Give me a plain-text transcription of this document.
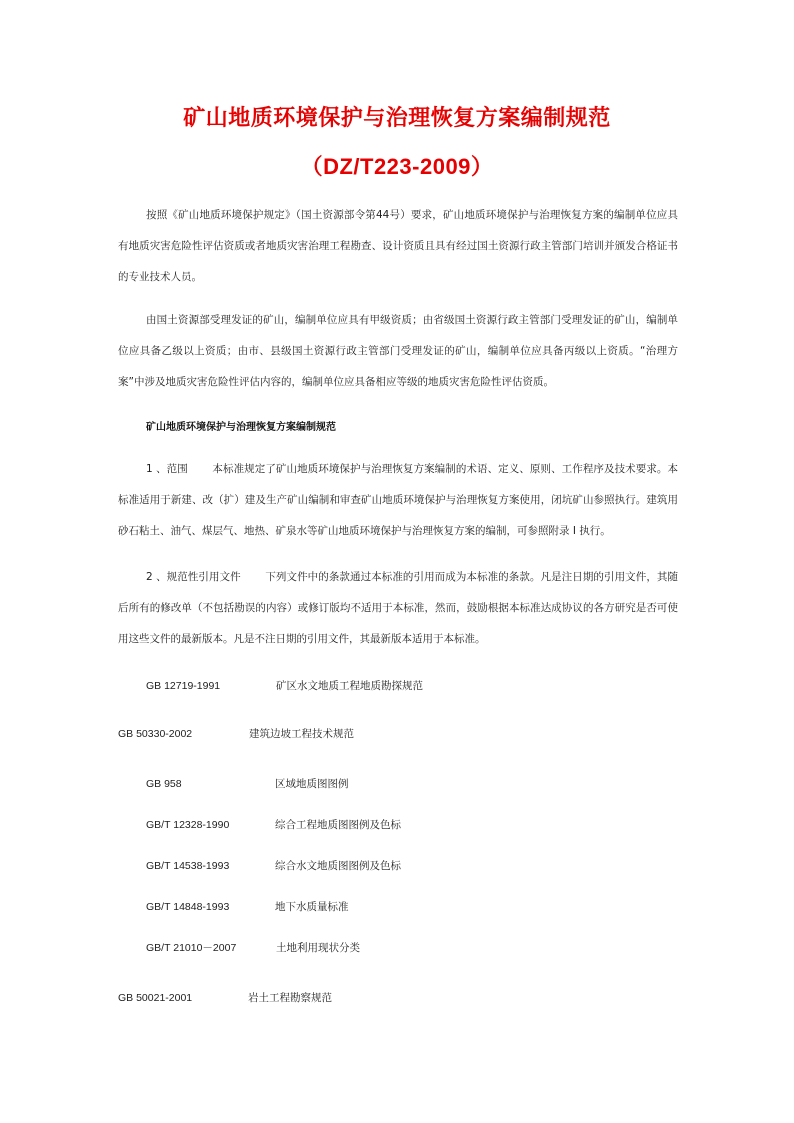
矿山地质环境保护与治理恢复方案编制规范
（DZ/T223-2009）

按照《矿山地质环境保护规定》（国土资源部令第44号）要求，矿山地质环境保护与治理恢复方案的编制单位应具有地质灾害危险性评估资质或者地质灾害治理工程勘查、设计资质且具有经过国土资源行政主管部门培训并颁发合格证书的专业技术人员。

由国土资源部受理发证的矿山，编制单位应具有甲级资质；由省级国土资源行政主管部门受理发证的矿山，编制单位应具备乙级以上资质；由市、县级国土资源行政主管部门受理发证的矿山，编制单位应具备丙级以上资质。“治理方案”中涉及地质灾害危险性评估内容的，编制单位应具备相应等级的地质灾害危险性评估资质。

矿山地质环境保护与治理恢复方案编制规范

1 、范围　　 本标准规定了矿山地质环境保护与治理恢复方案编制的术语、定义、原则、工作程序及技术要求。本标准适用于新建、改（扩）建及生产矿山编制和审查矿山地质环境保护与治理恢复方案使用，闭坑矿山参照执行。建筑用砂石粘土、油气、煤层气、地热、矿泉水等矿山地质环境保护与治理恢复方案的编制，可参照附录 I 执行。

2 、规范性引用文件　　 下列文件中的条款通过本标准的引用而成为本标准的条款。凡是注日期的引用文件，其随后所有的修改单（不包括勘误的内容）或修订版均不适用于本标准，然而，鼓励根据本标准达成协议的各方研究是否可使用这些文件的最新版本。凡是不注日期的引用文件，其最新版本适用于本标准。

GB 12719-1991	矿区水文地质工程地质勘探规范
GB 50330-2002	建筑边坡工程技术规范
GB 958	区域地质图图例
GB/T 12328-1990	综合工程地质图图例及色标
GB/T 14538-1993	综合水文地质图图例及色标
GB/T 14848-1993	地下水质量标准
GB/T 21010－2007	土地利用现状分类
GB 50021-2001	岩土工程勘察规范
